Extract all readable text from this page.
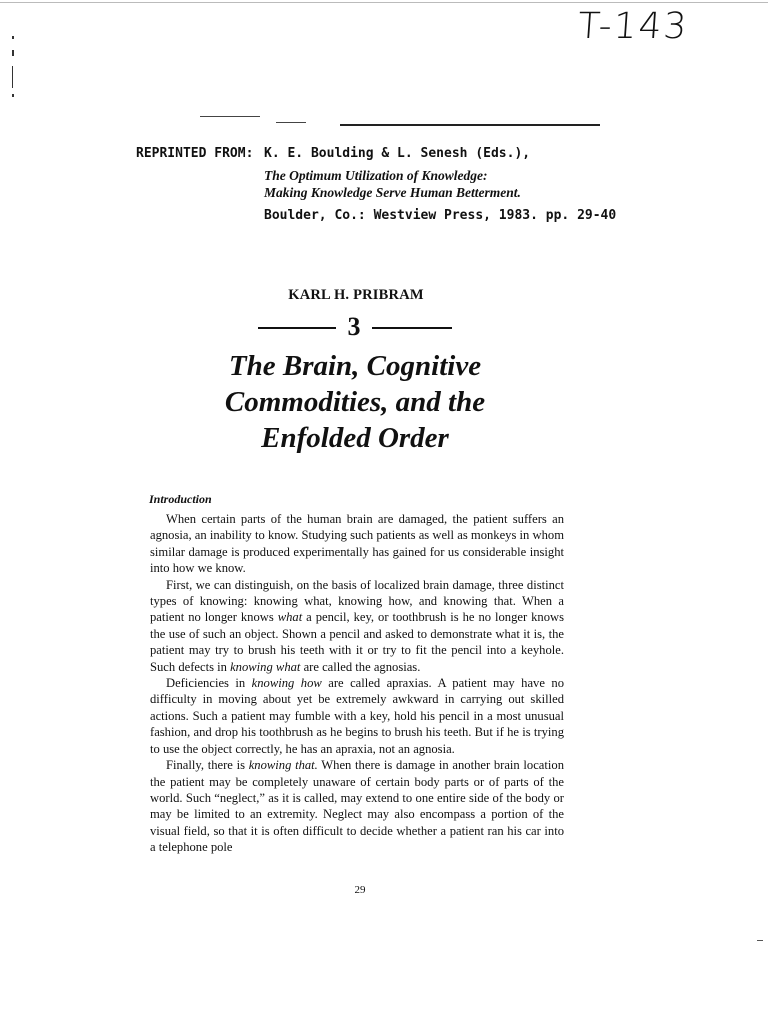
T-143
REPRINTED FROM: K. E. Boulding & L. Senesh (Eds.),
The Optimum Utilization of Knowledge:
Making Knowledge Serve Human Betterment.
Boulder, Co.: Westview Press, 1983. pp. 29-40
KARL H. PRIBRAM
3
The Brain, Cognitive
Commodities, and the
Enfolded Order
Introduction

When certain parts of the human brain are damaged, the patient suffers an agnosia, an inability to know. Studying such patients as well as monkeys in whom similar damage is produced experimentally has gained for us considerable insight into how we know.

First, we can distinguish, on the basis of localized brain damage, three distinct types of knowing: knowing what, knowing how, and knowing that. When a patient no longer knows what a pencil, key, or toothbrush is he no longer knows the use of such an object. Shown a pencil and asked to demonstrate what it is, the patient may try to brush his teeth with it or try to fit the pencil into a keyhole. Such defects in knowing what are called the agnosias.

Deficiencies in knowing how are called apraxias. A patient may have no difficulty in moving about yet be extremely awkward in carrying out skilled actions. Such a patient may fumble with a key, hold his pencil in a most unusual fashion, and drop his toothbrush as he begins to brush his teeth. But if he is trying to use the object correctly, he has an apraxia, not an agnosia.

Finally, there is knowing that. When there is damage in another brain location the patient may be completely unaware of certain body parts or of parts of the world. Such “neglect,” as it is called, may extend to one entire side of the body or may be limited to an extremity. Neglect may also encompass a portion of the visual field, so that it is often difficult to decide whether a patient ran his car into a telephone pole

29
